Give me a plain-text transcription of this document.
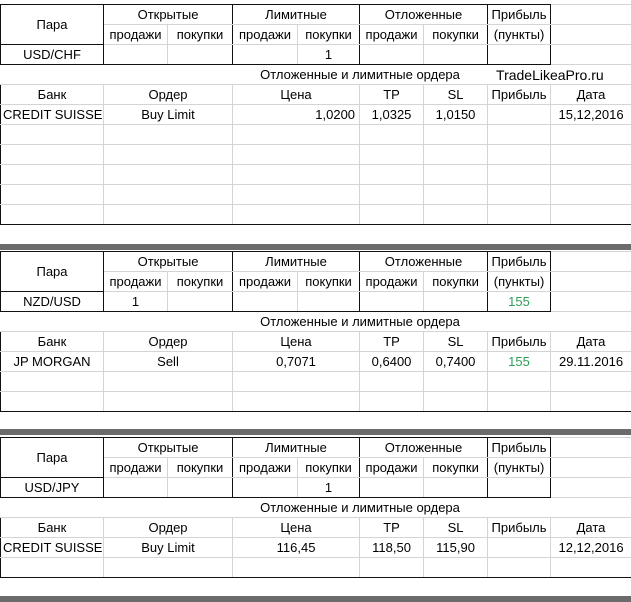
Пара	Открытые		Лимитные		Отложенные		Прибыль	
	продажи	покупки	продажи	покупки	продажи	покупки	(пункты)	
USD/CHF				1				
			Отложенные и лимитные ордера				TradeLikeaPro.ru	
Банк	Ордер		Цена		TP	SL	Прибыль	Дата
CREDIT SUISSE	Buy Limit		1,0200		1,0325	1,0150		15,12,2016

Пара	Открытые		Лимитные		Отложенные		Прибыль	
	продажи	покупки	продажи	покупки	продажи	покупки	(пункты)	
NZD/USD	1						155	
			Отложенные и лимитные ордера					
Банк	Ордер		Цена		TP	SL	Прибыль	Дата
JP MORGAN	Sell		0,7071		0,6400	0,7400	155	29.11.2016

Пара	Открытые		Лимитные		Отложенные		Прибыль	
	продажи	покупки	продажи	покупки	продажи	покупки	(пункты)	
USD/JPY				1				
			Отложенные и лимитные ордера					
Банк	Ордер		Цена		TP	SL	Прибыль	Дата
CREDIT SUISSE	Buy Limit		116,45		118,50	115,90		12,12,2016
